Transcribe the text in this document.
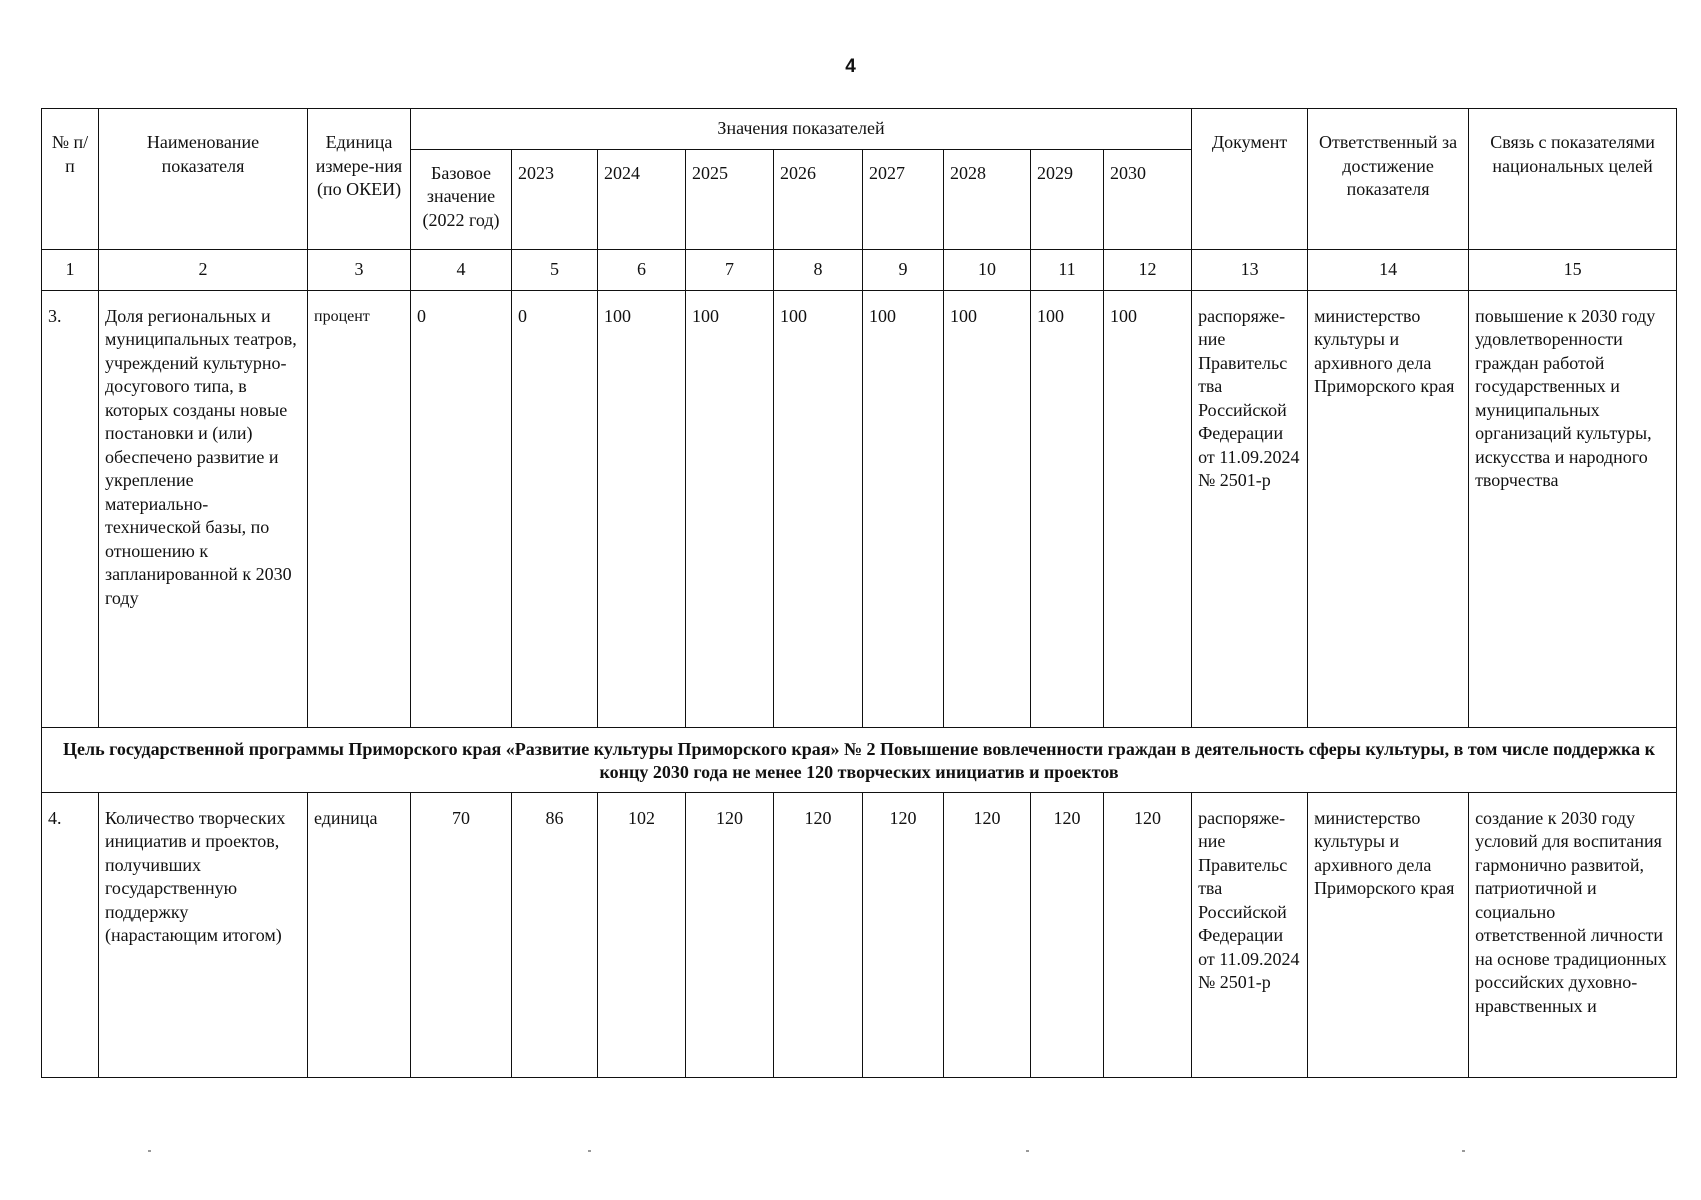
4
№ п/п	Наименование показателя	Единица измере-ния (по ОКЕИ)	Значения показателей									Документ	Ответственный за достижение показателя	Связь с показателями национальных целей
			Базовое значение (2022 год)	2023	2024	2025	2026	2027	2028	2029	2030			
1	2	3	4	5	6	7	8	9	10	11	12	13	14	15
3.	Доля региональных и муниципальных театров, учреждений культурно-досугового типа, в которых созданы новые постановки и (или) обеспечено развитие и укрепление материально-технической базы, по отношению к запланированной к 2030 году	процент	0	0	100	100	100	100	100	100	100	распоряже-ние Правительс тва Российской Федерации от 11.09.2024 № 2501-р	министерство культуры и архивного дела Приморского края	повышение к 2030 году удовлетворенности граждан работой государственных и муниципальных организаций культуры, искусства и народного творчества
Цель государственной программы Приморского края «Развитие культуры Приморского края» № 2 Повышение вовлеченности граждан в деятельность сферы культуры, в том числе поддержка к концу 2030 года не менее 120 творческих инициатив и проектов														
4.	Количество творческих инициатив и проектов, получивших государственную поддержку (нарастающим итогом)	единица	70	86	102	120	120	120	120	120	120	распоряже-ние Правительс тва Российской Федерации от 11.09.2024 № 2501-р	министерство культуры и архивного дела Приморского края	создание к 2030 году условий для воспитания гармонично развитой, патриотичной и социально ответственной личности на основе традиционных российских духовно-нравственных и
